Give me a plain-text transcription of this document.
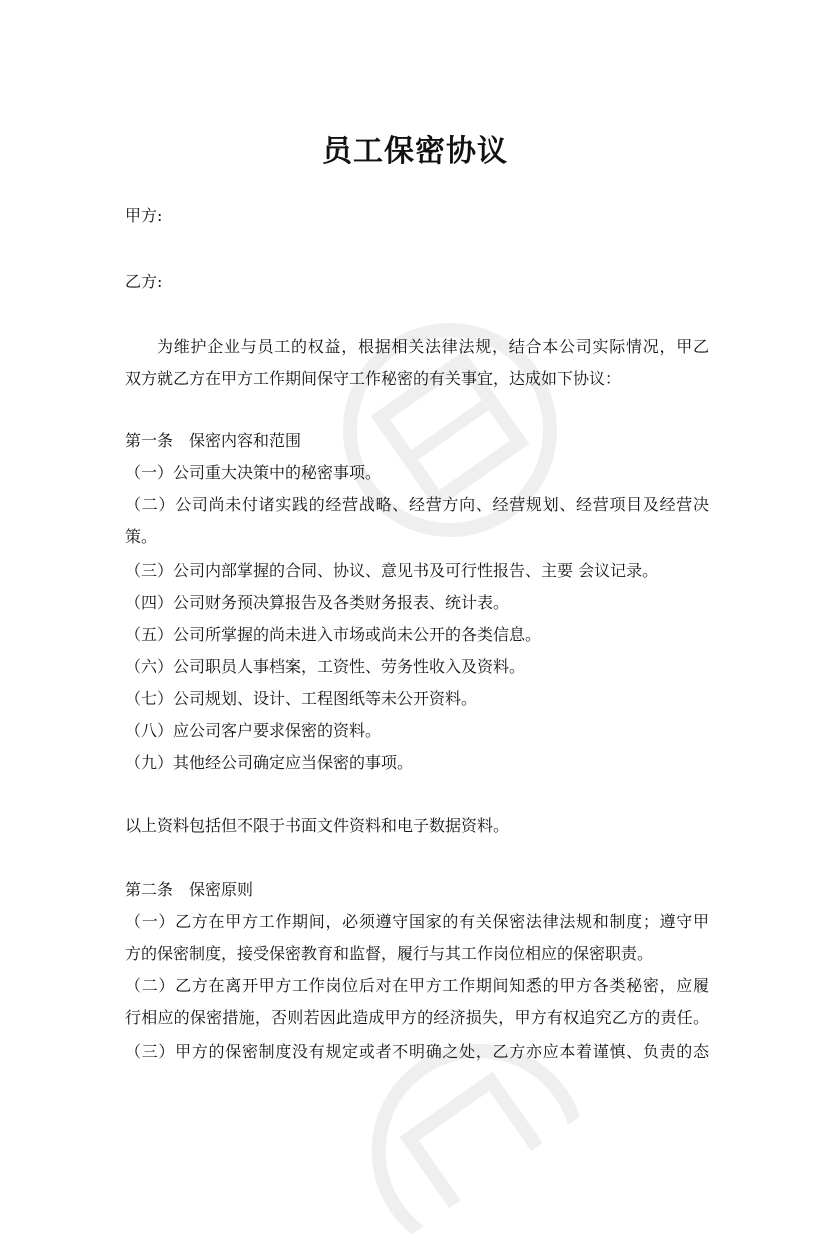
员工保密协议
甲方:
乙方:
为维护企业与员工的权益，根据相关法律法规，结合本公司实际情况，甲乙
双方就乙方在甲方工作期间保守工作秘密的有关事宜，达成如下协议：
第一条　保密内容和范围
（一）公司重大决策中的秘密事项。
（二）公司尚未付诸实践的经营战略、经营方向、经营规划、经营项目及经营决
策。
（三）公司内部掌握的合同、协议、意见书及可行性报告、主要 会议记录。
（四）公司财务预决算报告及各类财务报表、统计表。
（五）公司所掌握的尚未进入市场或尚未公开的各类信息。
（六）公司职员人事档案，工资性、劳务性收入及资料。
（七）公司规划、设计、工程图纸等未公开资料。
（八）应公司客户要求保密的资料。
（九）其他经公司确定应当保密的事项。
以上资料包括但不限于书面文件资料和电子数据资料。
第二条　保密原则
（一）乙方在甲方工作期间，必须遵守国家的有关保密法律法规和制度；遵守甲
方的保密制度，接受保密教育和监督，履行与其工作岗位相应的保密职责。
（二）乙方在离开甲方工作岗位后对在甲方工作期间知悉的甲方各类秘密，应履
行相应的保密措施，否则若因此造成甲方的经济损失，甲方有权追究乙方的责任。
（三）甲方的保密制度没有规定或者不明确之处，乙方亦应本着谨慎、负责的态
